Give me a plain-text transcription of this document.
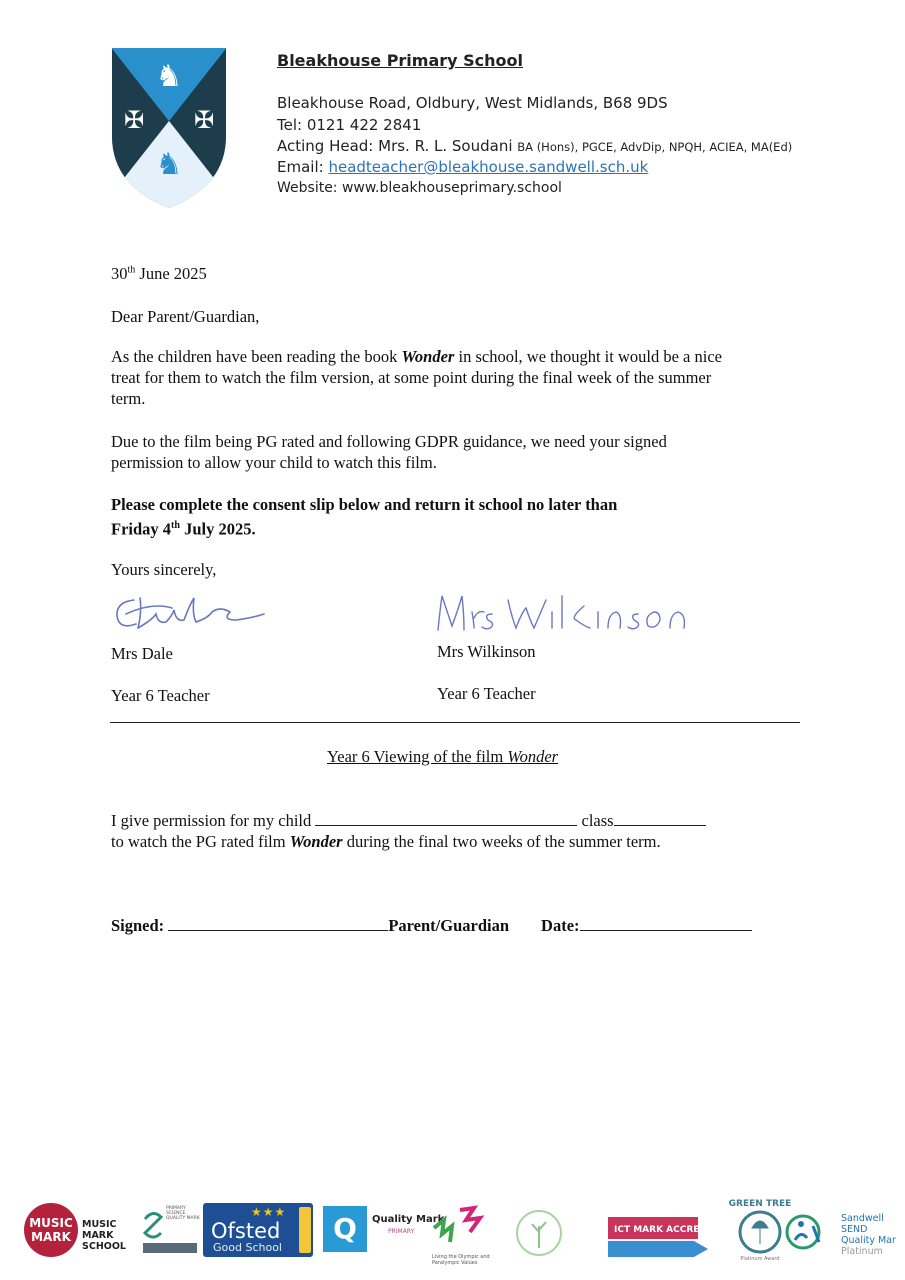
♞
✠ ✠
♞
Bleakhouse Primary School
Bleakhouse Road, Oldbury, West Midlands, B68 9DS
Tel: 0121 422 2841
Acting Head: Mrs. R. L. Soudani BA (Hons), PGCE, AdvDip, NPQH, ACIEA, MA(Ed)
Email: headteacher@bleakhouse.sandwell.sch.uk
Website: www.bleakhouseprimary.school
30th June 2025
Dear Parent/Guardian,
As the children have been reading the book Wonder in school, we thought it would be a nice
treat for them to watch the film version, at some point during the final week of the summer
term.
Due to the film being PG rated and following GDPR guidance, we need your signed
permission to allow your child to watch this film.
Please complete the consent slip below and return it school no later than
Friday 4th July 2025.
Yours sincerely,
Mrs Dale
Year 6 Teacher
Mrs Wilkinson
Year 6 Teacher
Year 6 Viewing of the film Wonder
I give permission for my child	class
to watch the PG rated film Wonder during the final two weeks of the summer term.
Signed:	Parent/Guardian Date:
MUSIC MARK
MUSIC MARK SCHOOL
PRIMARY SCIENCE QUALITY MARK	★★★
Ofsted
Good School
Q	Quality Mark
PRIMARY
Living the Olympic and Paralympic Values

ICT MARK ACCREDITED
GREEN TREE
Platinum Award
Sandwell
SEND
Quality Mar
Platinum
